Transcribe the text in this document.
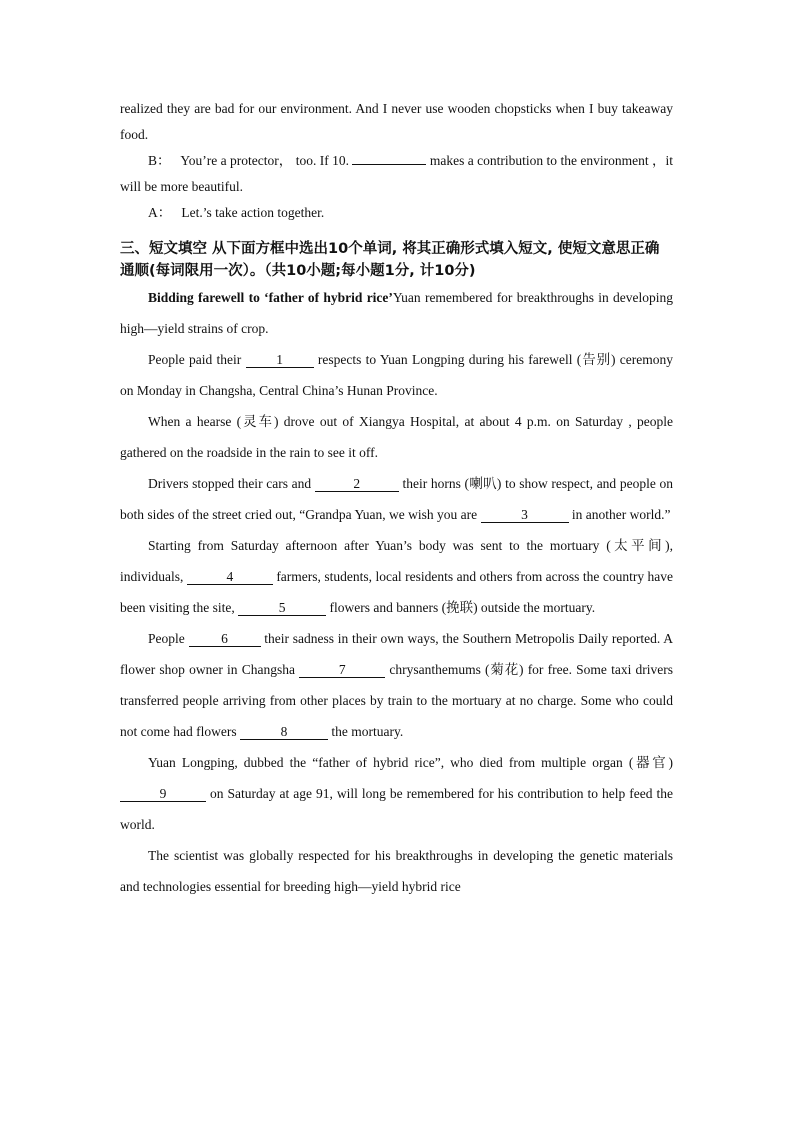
realized they are bad for our environment. And I never use wooden chopsticks when I buy takeaway food.

B： You’re a protector， too. If 10.	makes a contribution to the environment ，it will be more beautiful.

A： Let.’s take action together.

三、短文填空 从下面方框中选出10个单词, 将其正确形式填入短文, 使短文意思正确通顺(每词限用一次）。（共10小题;每小题1分, 计10分)

Bidding farewell to ‘father of hybrid rice’Yuan remembered for breakthroughs in developing high—yield strains of crop.

People paid their	1	respects to Yuan Longping during his farewell (告别) ceremony on Monday in Changsha, Central China’s Hunan Province.

When a hearse (灵车) drove out of Xiangya Hospital, at about 4 p.m. on Saturday , people gathered on the roadside in the rain to see it off.

Drivers stopped their cars and	2	their horns (喇叭) to show respect, and people on both sides of the street cried out, “Grandpa Yuan, we wish you are	3	in another world.”

Starting from Saturday afternoon after Yuan’s body was sent to the mortuary (太平间), individuals,	4	farmers, students, local residents and others from across the country have been visiting the site,	5	flowers and banners (挽联) outside the mortuary.

People	6	their sadness in their own ways, the Southern Metropolis Daily reported. A flower shop owner in Changsha	7	chrysanthemums (菊花) for free. Some taxi drivers transferred people arriving from other places by train to the mortuary at no charge. Some who could not come had flowers	8	the mortuary.

Yuan Longping, dubbed the “father of hybrid rice”, who died from multiple organ (器官) 9	on Saturday at age 91, will long be remembered for his contribution to help feed the world.

The scientist was globally respected for his breakthroughs in developing the genetic materials and technologies essential for breeding high—yield hybrid rice
